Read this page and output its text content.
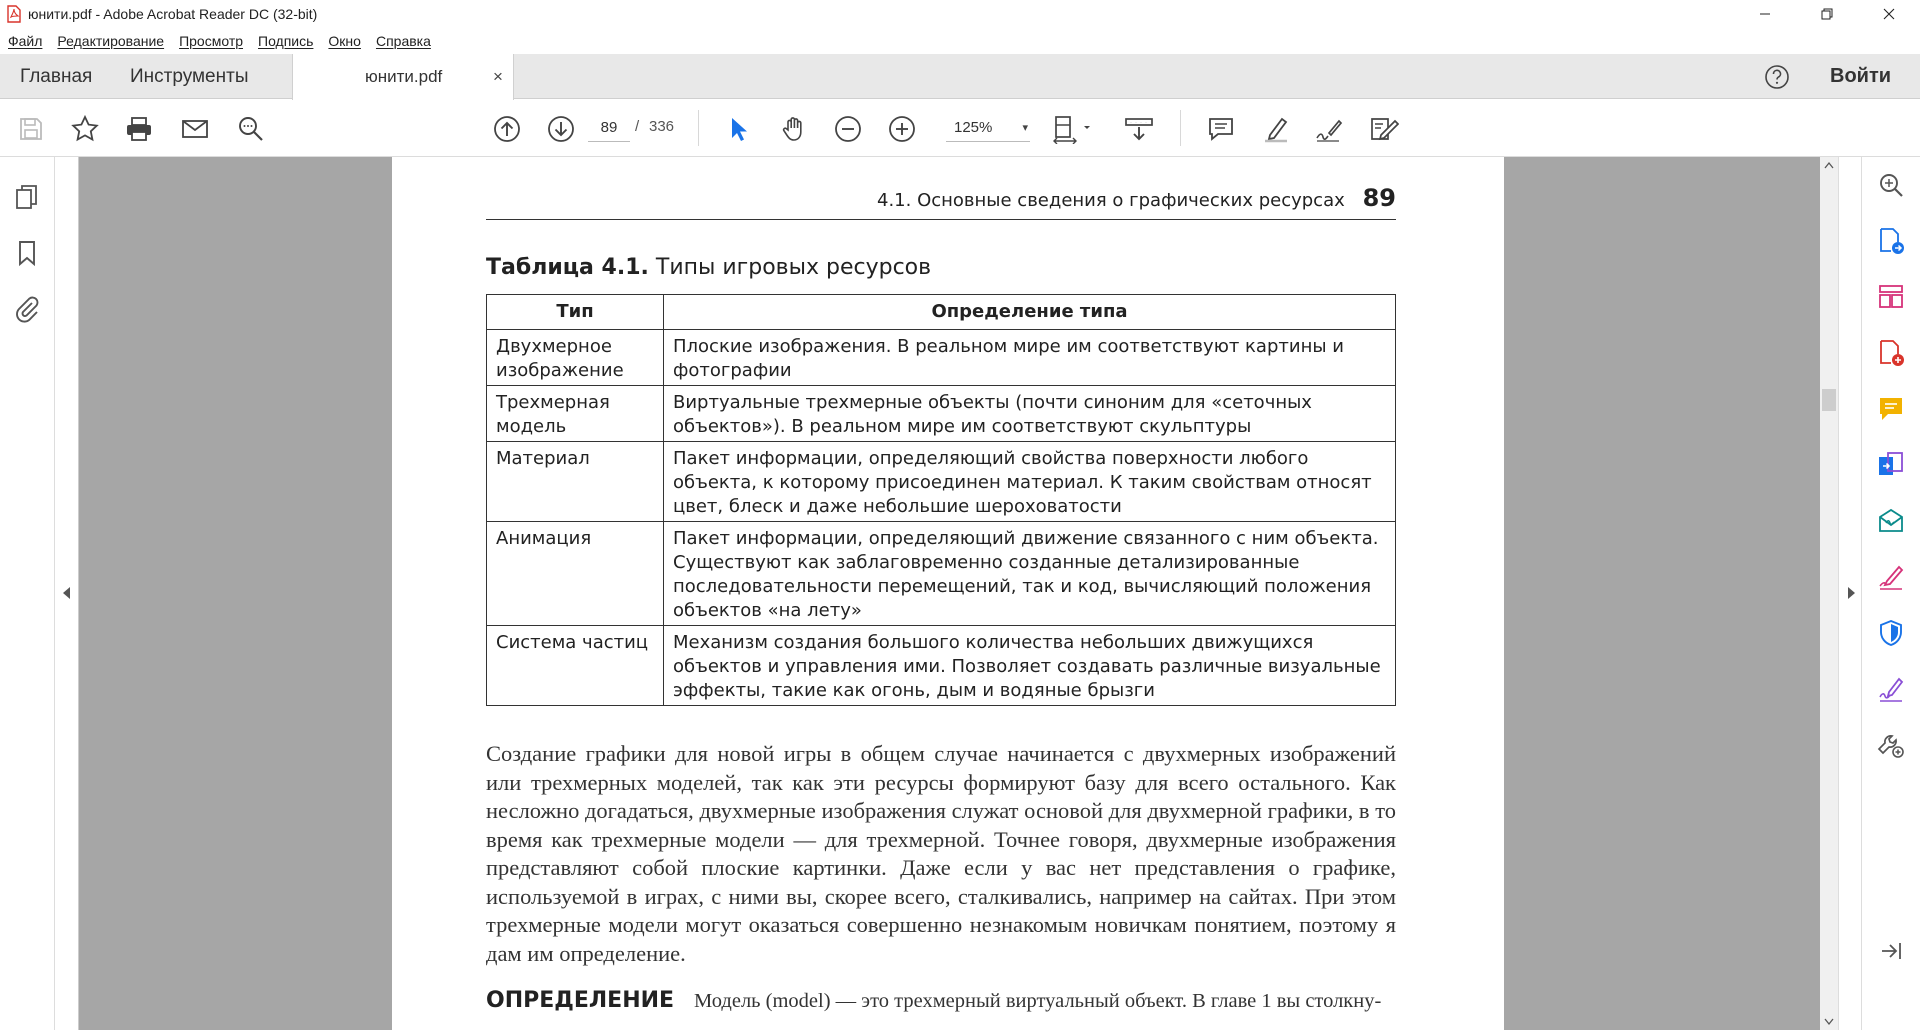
юнити.pdf - Adobe Acrobat Reader DC (32-bit)
Файл Редактирование Просмотр Подпись Окно Справка
Главная Инструменты	юнити.pdf	×	Войти
89	/ 336	125%	▾
4.1. Основные сведения о графических ресурсах 89
Таблица 4.1. Типы игровых ресурсов
Тип	Определение типа
Двухмерное изображение	Плоские изображения. В реальном мире им соответствуют картины и фотографии
Трехмерная модель	Виртуальные трехмерные объекты (почти синоним для «сеточных объектов»). В реальном мире им соответствуют скульптуры
Материал	Пакет информации, определяющий свойства поверхности любого объекта, к которому присоединен материал. К таким свойствам относят цвет, блеск и даже небольшие шероховатости
Анимация	Пакет информации, определяющий движение связанного с ним объекта. Существуют как заблаговременно созданные детализированные последовательности перемещений, так и код, вычисляющий положения объектов «на лету»
Система частиц	Механизм создания большого количества небольших движущихся объектов и управления ими. Позволяет создавать различные визуальные эффекты, такие как огонь, дым и водяные брызги

Создание графики для новой игры в общем случае начинается с двухмерных изображений или трехмерных моделей, так как эти ресурсы формируют базу для всего остального. Как несложно догадаться, двухмерные изображения служат основой для двухмерной графики, в то время как трехмерные модели — для трехмерной. Точнее говоря, двухмерные изображения представляют собой плоские картинки. Даже если у вас нет представления о графике, используемой в играх, с ними вы, скорее всего, сталкивались, например на сайтах. При этом трехмерные модели могут оказаться совершенно незнакомым новичкам понятием, поэтому я дам им определение.

ОПРЕДЕЛЕНИЕ Модель (model) — это трехмерный виртуальный объект. В главе 1 вы столкну-
